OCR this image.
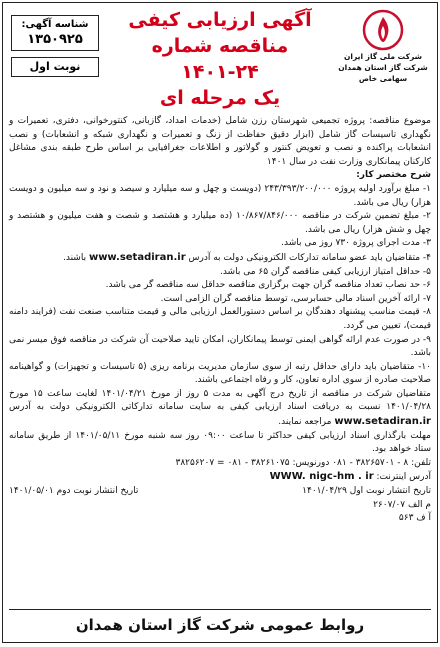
شرکت ملی گاز ایران
شرکت گاز استان همدان
سهامی خاص
آگهی ارزیابی کیفی
مناقصه شماره ۲۴-۱۴۰۱
یک مرحله ای
شناسه آگهی:
۱۳۵۰۹۲۵
نوبت اول

موضوع مناقصه: پروژه تجمیعی شهرستان رزن شامل (خدمات امداد، گازبانی، کنتورخوانی، دفتری، تعمیرات و نگهداری تاسیسات گاز شامل (ابزار دقیق حفاظت از زنگ و تعمیرات و نگهداری شبکه و انشعابات) و نصب انشعابات پراکنده و نصب و تعویض کنتور و گولاتور و اطلاعات جغرافیایی بر اساس طرح طبقه بندی مشاغل کارکنان پیمانکاری وزارت نفت در سال ۱۴۰۱

شرح مختصر کار:

۱- مبلغ برآورد اولیه پروژه ۲۴۳/۳۹۳/۲۰۰/۰۰۰ (دویست و چهل و سه میلیارد و سیصد و نود و سه میلیون و دویست هزار) ریال می باشد.

۲- مبلغ تضمین شرکت در مناقصه ۱۰/۸۶۷/۸۴۶/۰۰۰ (ده میلیارد و هشتصد و شصت و هفت میلیون و هشتصد و چهل و شش هزار) ریال می باشد.

۳- مدت اجرای پروژه ۷۳۰ روز می باشد.

۴- متقاضیان باید عضو سامانه تدارکات الکترونیکی دولت به آدرس www.setadiran.ir باشند.

۵- حداقل امتیاز ارزیابی کیفی مناقصه گران ۶۵ می باشد.

۶- حد نصاب تعداد مناقصه گران جهت برگزاری مناقصه حداقل سه مناقصه گر می باشد.

۷- ارائه آخرین اسناد مالی حسابرسی، توسط مناقصه گران الزامی است.

۸- قیمت مناسب پیشنهاد دهندگان بر اساس دستورالعمل ارزیابی مالی و قیمت متناسب صنعت نفت (فرایند دامنه قیمت)، تعیین می گردد.

۹- در صورت عدم ارائه گواهی ایمنی توسط پیمانکاران، امکان تایید صلاحیت آن شرکت در مناقصه فوق میسر نمی باشد.

۱۰- متقاضیان باید دارای حداقل رتبه از سوی سازمان مدیریت برنامه ریزی (۵ تاسیسات و تجهیزات) و گواهینامه صلاحیت صادره از سوی اداره تعاون، کار و رفاه اجتماعی باشند.

متقاضیان شرکت در مناقصه از تاریخ درج آگهی به مدت ۵ روز از مورخ ۱۴۰۱/۰۴/۲۱ لغایت ساعت ۱۵ مورخ ۱۴۰۱/۰۴/۲۸ نسبت به دریافت اسناد ارزیابی کیفی به سایت سامانه تدارکاتی الکترونیکی دولت به آدرس www.setadiran.ir مراجعه نمایند.

مهلت بارگذاری اسناد ارزیابی کیفی حداکثر تا ساعت ۰۹:۰۰ روز سه شنبه مورخ ۱۴۰۱/۰۵/۱۱ از طریق سامانه ستاد خواهد بود.

تلفن: ۸ - ۳۸۲۶۵۷۰۱ - ۰۸۱ دورنویس: ۳۸۲۶۱۰۷۵ - ۰۸۱ = ۳۸۲۵۶۲۰۷

آدرس اینترنت: WWW. nigc-hm . ir

تاریخ انتشار نوبت اول ۱۴۰۱/۰۴/۲۹
تاریخ انتشار نوبت دوم ۱۴۰۱/۰۵/۰۱

م الف ۲۶۰۷/۰۷

آ ف ۵۶۳

روابط عمومی شرکت گاز استان همدان
